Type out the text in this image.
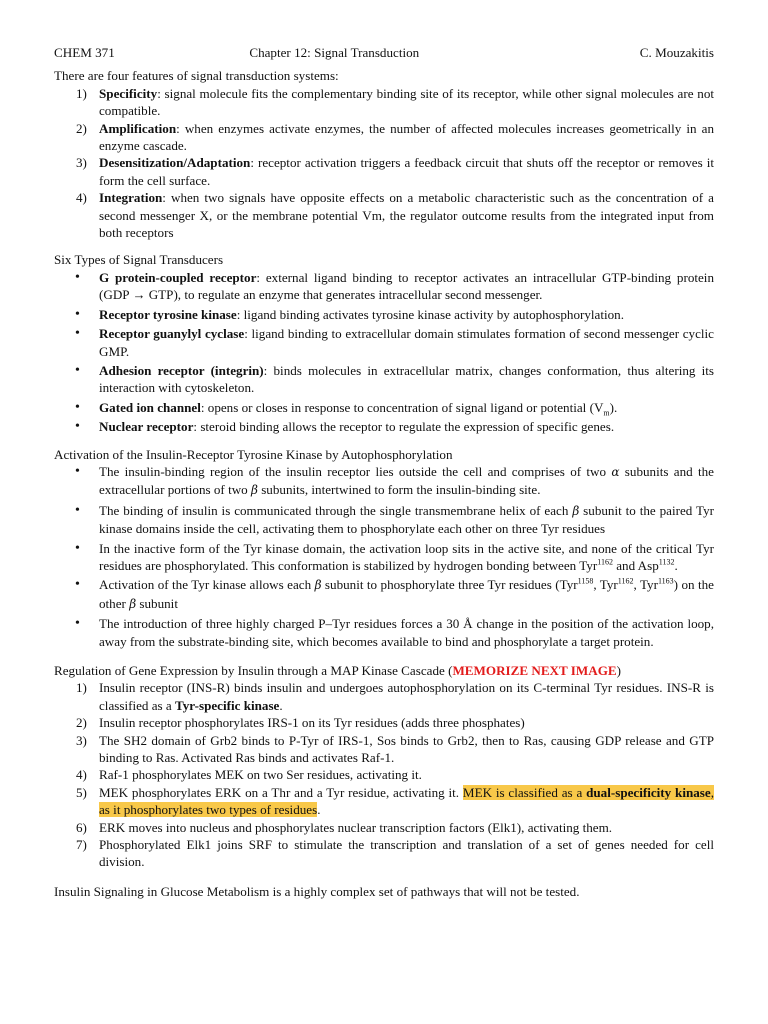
CHEM 371	Chapter 12: Signal Transduction	C. Mouzakitis

There are four features of signal transduction systems:

1) Specificity: signal molecule fits the complementary binding site of its receptor, while other signal molecules are not compatible.
2) Amplification: when enzymes activate enzymes, the number of affected molecules increases geometrically in an enzyme cascade.
3) Desensitization/Adaptation: receptor activation triggers a feedback circuit that shuts off the receptor or removes it form the cell surface.
4) Integration: when two signals have opposite effects on a metabolic characteristic such as the concentration of a second messenger X, or the membrane potential Vm, the regulator outcome results from the integrated input from both receptors

Six Types of Signal Transducers

• G protein-coupled receptor: external ligand binding to receptor activates an intracellular GTP-binding protein (GDP → GTP), to regulate an enzyme that generates intracellular second messenger.
• Receptor tyrosine kinase: ligand binding activates tyrosine kinase activity by autophosphorylation.
• Receptor guanylyl cyclase: ligand binding to extracellular domain stimulates formation of second messenger cyclic GMP.
• Adhesion receptor (integrin): binds molecules in extracellular matrix, changes conformation, thus altering its interaction with cytoskeleton.
• Gated ion channel: opens or closes in response to concentration of signal ligand or potential $(V_m)$.
• Nuclear receptor: steroid binding allows the receptor to regulate the expression of specific genes.

Activation of the Insulin-Receptor Tyrosine Kinase by Autophosphorylation

• The insulin-binding region of the insulin receptor lies outside the cell and comprises of two α subunits and the extracellular portions of two β subunits, intertwined to form the insulin-binding site.
• The binding of insulin is communicated through the single transmembrane helix of each β subunit to the paired Tyr kinase domains inside the cell, activating them to phosphorylate each other on three Tyr residues
• In the inactive form of the Tyr kinase domain, the activation loop sits in the active site, and none of the critical Tyr residues are phosphorylated. This conformation is stabilized by hydrogen bonding between Tyr$^{1162}$ and Asp$^{1132}$.
• Activation of the Tyr kinase allows each β subunit to phosphorylate three Tyr residues (Tyr$^{1158}$, Tyr$^{1162}$, Tyr$^{1163}$) on the other β subunit
• The introduction of three highly charged P–Tyr residues forces a 30 Å change in the position of the activation loop, away from the substrate-binding site, which becomes available to bind and phosphorylate a target protein.

Regulation of Gene Expression by Insulin through a MAP Kinase Cascade (MEMORIZE NEXT IMAGE)

1) Insulin receptor (INS-R) binds insulin and undergoes autophosphorylation on its C-terminal Tyr residues. INS-R is classified as a Tyr-specific kinase.
2) Insulin receptor phosphorylates IRS-1 on its Tyr residues (adds three phosphates)
3) The SH2 domain of Grb2 binds to P-Tyr of IRS-1, Sos binds to Grb2, then to Ras, causing GDP release and GTP binding to Ras. Activated Ras binds and activates Raf-1.
4) Raf-1 phosphorylates MEK on two Ser residues, activating it.
5) MEK phosphorylates ERK on a Thr and a Tyr residue, activating it. MEK is classified as a dual-specificity kinase, as it phosphorylates two types of residues.
6) ERK moves into nucleus and phosphorylates nuclear transcription factors (Elk1), activating them.
7) Phosphorylated Elk1 joins SRF to stimulate the transcription and translation of a set of genes needed for cell division.

Insulin Signaling in Glucose Metabolism is a highly complex set of pathways that will not be tested.
